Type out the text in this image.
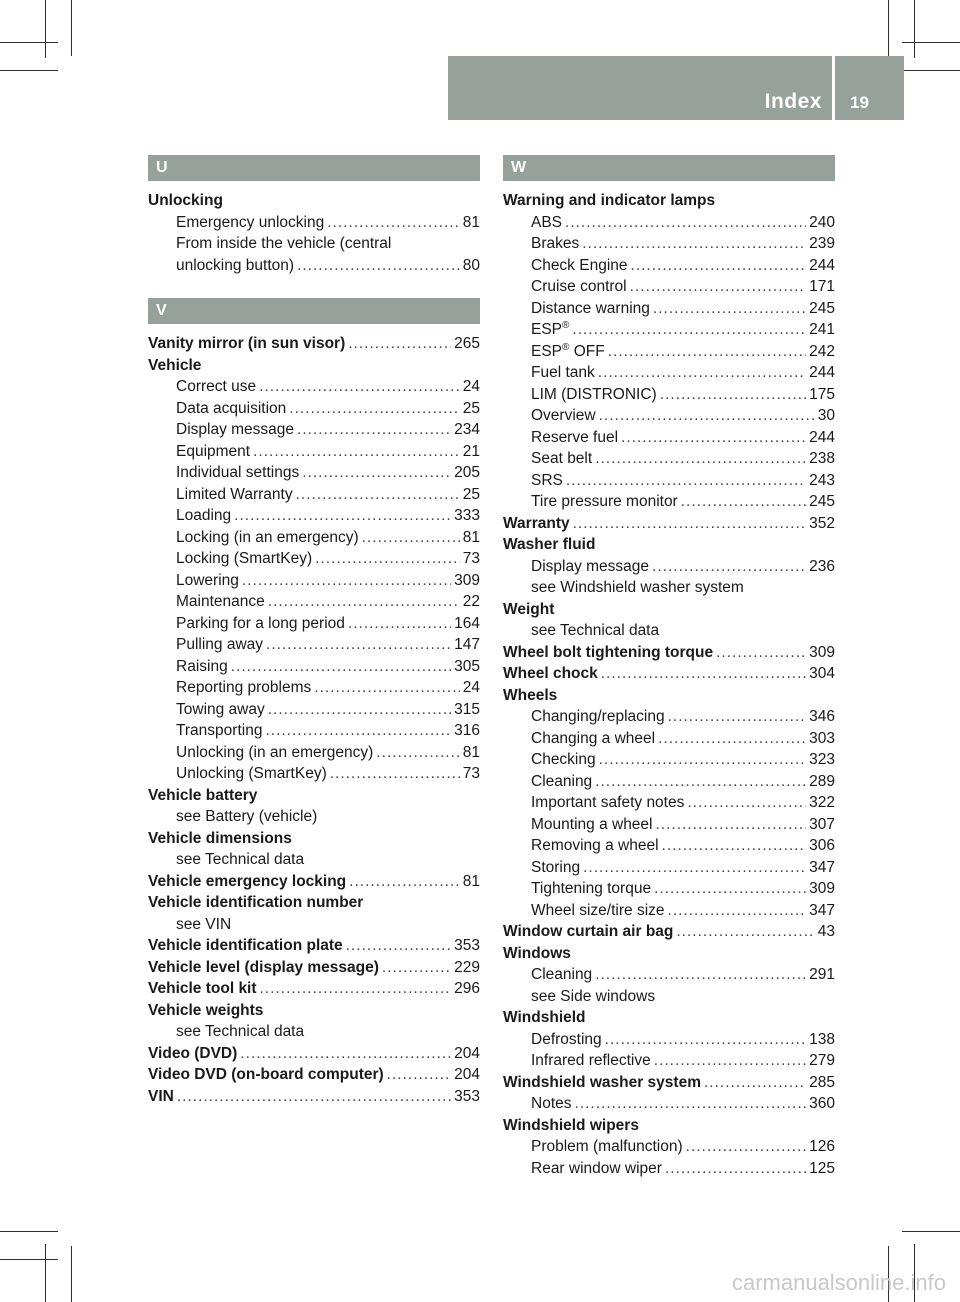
Index 19
U
Unlocking
Emergency unlocking .....	81
From inside the vehicle (central
unlocking button) .....	80
V
Vanity mirror (in sun visor) .....	265
Vehicle
Correct use .....	24
Data acquisition .....	25
Display message .....	234
Equipment .....	21
Individual settings .....	205
Limited Warranty .....	25
Loading .....	333
Locking (in an emergency) .....	81
Locking (SmartKey) .....	73
Lowering .....	309
Maintenance .....	22
Parking for a long period .....	164
Pulling away .....	147
Raising .....	305
Reporting problems .....	24
Towing away .....	315
Transporting .....	316
Unlocking (in an emergency) .....	81
Unlocking (SmartKey) .....	73
Vehicle battery
see Battery (vehicle)
Vehicle dimensions
see Technical data
Vehicle emergency locking .....	81
Vehicle identification number
see VIN
Vehicle identification plate .....	353
Vehicle level (display message) .....	229
Vehicle tool kit .....	296
Vehicle weights
see Technical data
Video (DVD) .....	204
Video DVD (on-board computer) .....	204
VIN .....	353
W
Warning and indicator lamps
ABS .....	240
Brakes .....	239
Check Engine .....	244
Cruise control .....	171
Distance warning .....	245
ESP® .....	241
ESP® OFF .....	242
Fuel tank .....	244
LIM (DISTRONIC) .....	175
Overview .....	30
Reserve fuel .....	244
Seat belt .....	238
SRS .....	243
Tire pressure monitor .....	245
Warranty .....	352
Washer fluid
Display message .....	236
see Windshield washer system
Weight
see Technical data
Wheel bolt tightening torque .....	309
Wheel chock .....	304
Wheels
Changing/replacing .....	346
Changing a wheel .....	303
Checking .....	323
Cleaning .....	289
Important safety notes .....	322
Mounting a wheel .....	307
Removing a wheel .....	306
Storing .....	347
Tightening torque .....	309
Wheel size/tire size .....	347
Window curtain air bag .....	43
Windows
Cleaning .....	291
see Side windows
Windshield
Defrosting .....	138
Infrared reflective .....	279
Windshield washer system .....	285
Notes .....	360
Windshield wipers
Problem (malfunction) .....	126
Rear window wiper .....	125
carmanualsonline.info
